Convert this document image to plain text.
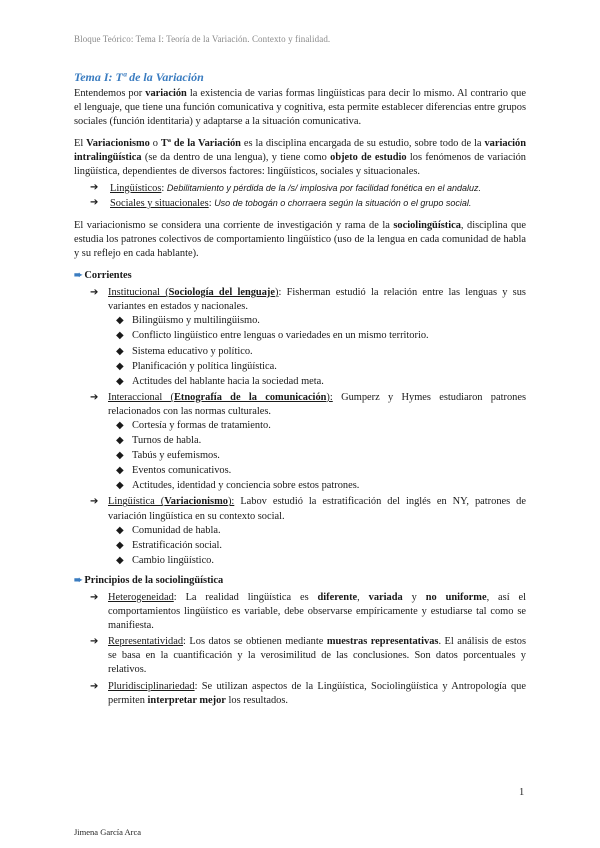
Bloque Teórico: Tema I: Teoría de la Variación. Contexto y finalidad.
Tema I: Tª de la Variación

Entendemos por variación la existencia de varias formas lingüísticas para decir lo mismo. Al contrario que el lenguaje, que tiene una función comunicativa y cognitiva, esta permite establecer diferencias entre grupos sociales (función identitaria) y adaptarse a la situación comunicativa.

El Variacionismo o Tª de la Variación es la disciplina encargada de su estudio, sobre todo de la variación intralingüística (se da dentro de una lengua), y tiene como objeto de estudio los fenómenos de variación lingüística, dependientes de diversos factores: lingüísticos, sociales y situacionales.

➔ Lingüísticos: Debilitamiento y pérdida de la /s/ implosiva por facilidad fonética en el andaluz.
➔ Sociales y situacionales: Uso de tobogán o chorraera según la situación o el grupo social.

El variacionismo se considera una corriente de investigación y rama de la sociolingüística, disciplina que estudia los patrones colectivos de comportamiento lingüístico (uso de la lengua en cada comunidad de habla y su reflejo en cada hablante).

➨ Corrientes
➔ Institucional (Sociología del lenguaje): Fisherman estudió la relación entre las lenguas y sus variantes en estados y nacionales.
◆ Bilingüismo y multilingüismo.
◆ Conflicto lingüístico entre lenguas o variedades en un mismo territorio.
◆ Sistema educativo y político.
◆ Planificación y política lingüística.
◆ Actitudes del hablante hacia la sociedad meta.
➔ Interaccional (Etnografía de la comunicación): Gumperz y Hymes estudiaron patrones relacionados con las normas culturales.
◆ Cortesía y formas de tratamiento.
◆ Turnos de habla.
◆ Tabús y eufemismos.
◆ Eventos comunicativos.
◆ Actitudes, identidad y conciencia sobre estos patrones.
➔ Lingüística (Variacionismo): Labov estudió la estratificación del inglés en NY, patrones de variación lingüística en su contexto social.
◆ Comunidad de habla.
◆ Estratificación social.
◆ Cambio lingüístico.
➨ Principios de la sociolingüística
➔ Heterogeneidad: La realidad lingüística es diferente, variada y no uniforme, así el comportamientos lingüístico es variable, debe observarse empíricamente y estudiarse tal como se manifiesta.
➔ Representatividad: Los datos se obtienen mediante muestras representativas. El análisis de estos se basa en la cuantificación y la verosimilitud de las conclusiones. Son datos porcentuales y relativos.
➔ Pluridisciplinariedad: Se utilizan aspectos de la Lingüística, Sociolingüística y Antropología que permiten interpretar mejor los resultados.
1
Jimena García Arca
